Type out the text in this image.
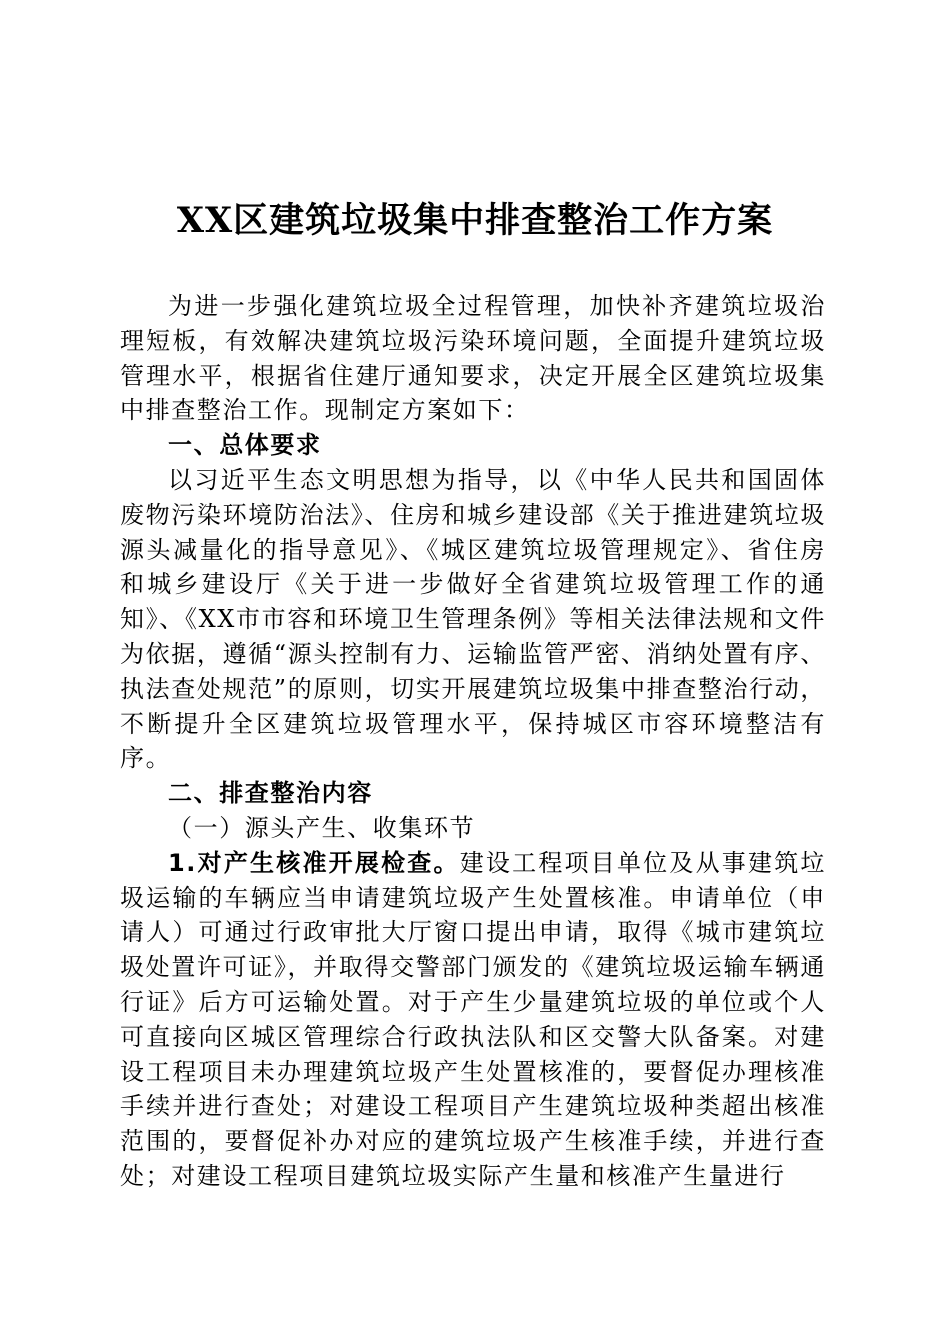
XX区建筑垃圾集中排查整治工作方案

为进一步强化建筑垃圾全过程管理，加快补齐建筑垃圾治理短板，有效解决建筑垃圾污染环境问题，全面提升建筑垃圾管理水平，根据省住建厅通知要求，决定开展全区建筑垃圾集中排查整治工作。现制定方案如下：

一、总体要求

以习近平生态文明思想为指导，以《中华人民共和国固体废物污染环境防治法》、住房和城乡建设部《关于推进建筑垃圾源头减量化的指导意见》、《城区建筑垃圾管理规定》、省住房和城乡建设厅《关于进一步做好全省建筑垃圾管理工作的通知》、《XX市市容和环境卫生管理条例》等相关法律法规和文件为依据，遵循“源头控制有力、运输监管严密、消纳处置有序、执法查处规范”的原则，切实开展建筑垃圾集中排查整治行动，不断提升全区建筑垃圾管理水平，保持城区市容环境整洁有序。

二、排查整治内容

（一）源头产生、收集环节

1.对产生核准开展检查。建设工程项目单位及从事建筑垃圾运输的车辆应当申请建筑垃圾产生处置核准。申请单位（申请人）可通过行政审批大厅窗口提出申请，取得《城市建筑垃圾处置许可证》，并取得交警部门颁发的《建筑垃圾运输车辆通行证》后方可运输处置。对于产生少量建筑垃圾的单位或个人可直接向区城区管理综合行政执法队和区交警大队备案。对建设工程项目未办理建筑垃圾产生处置核准的，要督促办理核准手续并进行查处；对建设工程项目产生建筑垃圾种类超出核准范围的，要督促补办对应的建筑垃圾产生核准手续，并进行查处；对建设工程项目建筑垃圾实际产生量和核准产生量进行
